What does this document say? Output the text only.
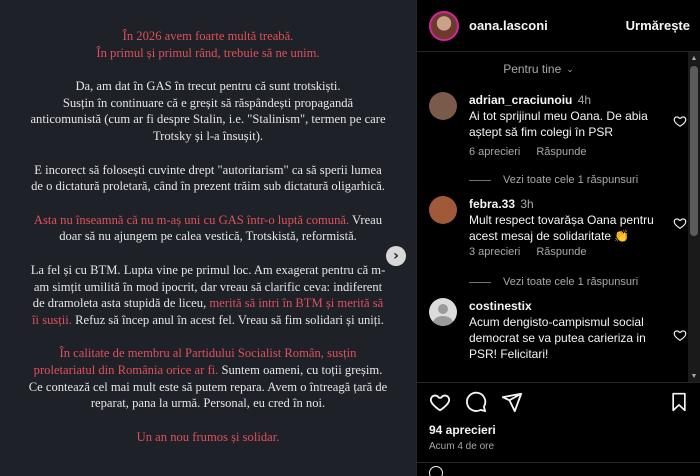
În 2026 avem foarte multă treabă.
În primul și primul rând, trebuie să ne unim.

Da, am dat în GAS în trecut pentru că sunt trotskiști.
Susțin în continuare că e greșit să răspândești propagandă anticomunistă (cum ar fi despre Stalin, i.e. "Stalinism", termen pe care Trotsky și l-a însușit).

E incorect să folosești cuvinte drept "autoritarism" ca să sperii lumea de o dictatură proletară, când în prezent trăim sub dictatură oligarhică.

Asta nu înseamnă că nu m-aș uni cu GAS într-o luptă comună. Vreau doar să nu ajungem pe calea vestică, Trotskistă, reformistă.

La fel și cu BTM. Lupta vine pe primul loc. Am exagerat pentru că m-am simțit umilită în mod ipocrit, dar vreau să clarific ceva: indiferent de dramoleta asta stupidă de liceu, merită să intri în BTM și merită să îi susții. Refuz să încep anul în acest fel. Vreau să fim solidari și uniți.

În calitate de membru al Partidului Socialist Român, susțin proletariatul din România orice ar fi. Suntem oameni, cu toții greșim. Ce contează cel mai mult este să putem repara. Avem o întreagă țară de reparat, pana la urmă. Personal, eu cred în noi.

Un an nou frumos și solidar.

›
oana.lasconi	Urmărește
Pentru tine ⌄
adrian_craciunoiu 4h
Ai tot sprijinul meu Oana. De abia aștept să fim colegi în PSR
6 aprecieri Răspunde
Vezi toate cele 1 răspunsuri
febra.33 3h
Mult respect tovarășa Oana pentru acest mesaj de solidaritate 👏
3 aprecieri Răspunde
Vezi toate cele 1 răspunsuri
costinestix
Acum dengisto-campismul social democrat se va putea carieriza in PSR! Felicitari!
▲
▼
94 aprecieri
Acum 4 de ore
